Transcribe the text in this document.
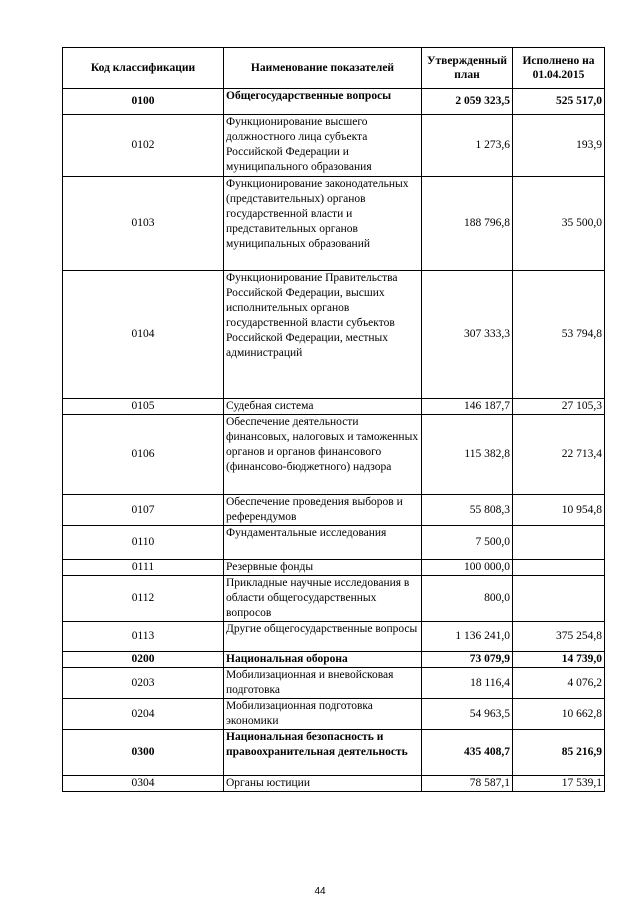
Код классификации	Наименование показателей	Утвержденный план	Исполнено на 01.04.2015
0100	Общегосударственные вопросы	2 059 323,5	525 517,0
0102	Функционирование высшего должностного лица субъекта Российской Федерации и муниципального образования	1 273,6	193,9
0103	Функционирование законодательных (представительных) органов государственной власти и представительных органов муниципальных образований	188 796,8	35 500,0
0104	Функционирование Правительства Российской Федерации, высших исполнительных органов государственной власти субъектов Российской Федерации, местных администраций	307 333,3	53 794,8
0105	Судебная система	146 187,7	27 105,3
0106	Обеспечение деятельности финансовых, налоговых и таможенных органов и органов финансового (финансово-бюджетного) надзора	115 382,8	22 713,4
0107	Обеспечение проведения выборов и референдумов	55 808,3	10 954,8
0110	Фундаментальные исследования	7 500,0	
0111	Резервные фонды	100 000,0	
0112	Прикладные научные исследования в области общегосударственных вопросов	800,0	
0113	Другие общегосударственные вопросы	1 136 241,0	375 254,8
0200	Национальная оборона	73 079,9	14 739,0
0203	Мобилизационная и вневойсковая подготовка	18 116,4	4 076,2
0204	Мобилизационная подготовка экономики	54 963,5	10 662,8
0300	Национальная безопасность и правоохранительная деятельность	435 408,7	85 216,9
0304	Органы юстиции	78 587,1	17 539,1
44
